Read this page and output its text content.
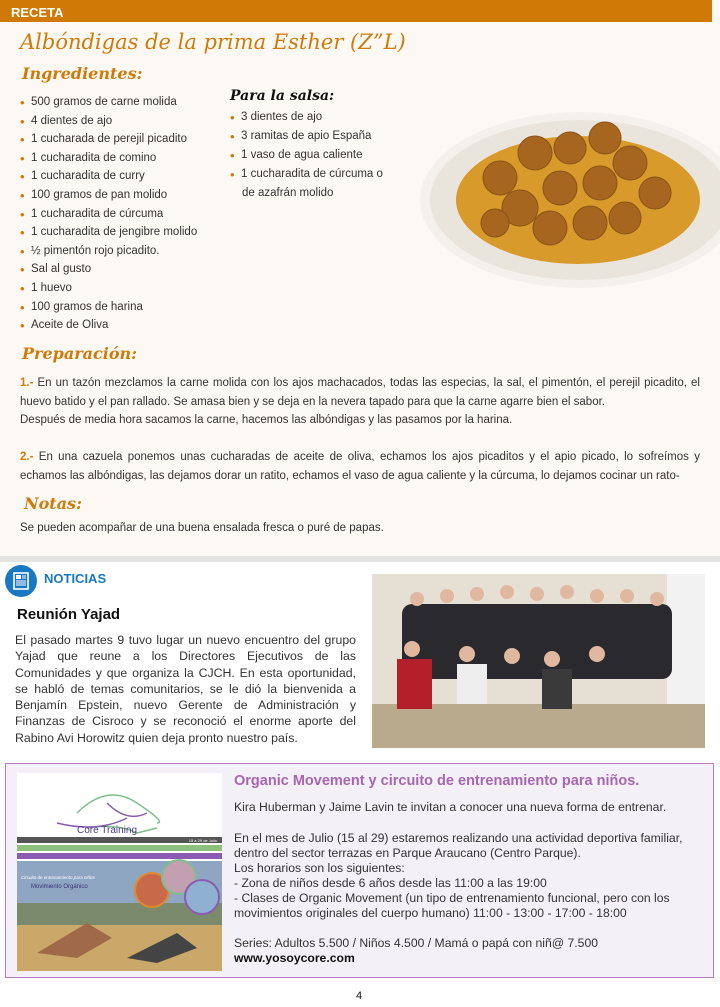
RECETA
Albóndigas de la prima Esther (Z”L)
Ingredientes:
• 500 gramos de carne molida
• 4 dientes de ajo
• 1 cucharada de perejil picadito
• 1 cucharadita de comino
• 1 cucharadita de curry
• 100 gramos de pan molido
• 1 cucharadita de cúrcuma
• 1 cucharadita de jengibre molido
• ½ pimentón rojo picadito.
• Sal al gusto
• 1 huevo
• 100 gramos de harina
• Aceite de Oliva
Para la salsa:
• 3 dientes de ajo
• 3 ramitas de apio España
• 1 vaso de agua caliente
• 1 cucharadita de cúrcuma o
de azafrán molido
Preparación:
1.- En un tazón mezclamos la carne molida con los ajos machacados, todas las especias, la sal, el pimentón, el perejil picadito, el huevo batido y el pan rallado. Se amasa bien y se deja en la nevera tapado para que la carne agarre bien el sabor.
Después de media hora sacamos la carne, hacemos las albóndigas y las pasamos por la harina.
2.- En una cazuela ponemos unas cucharadas de aceite de oliva, echamos los ajos picaditos y el apio picado, lo sofreímos y echamos las albóndigas, las dejamos dorar un ratito, echamos el vaso de agua caliente y la cúrcuma, lo dejamos cocinar un rato-
Notas:
Se pueden acompañar de una buena ensalada fresca o puré de papas.
NOTICIAS
Reunión Yajad
El pasado martes 9 tuvo lugar un nuevo encuentro del grupo Yajad que reune a los Directores Ejecutivos de las Comunidades y que organiza la CJCH. En esta oportunidad, se habló de temas comunitarios, se le dió la bienvenida a Benjamín Epstein, nuevo Gerente de Administración y Finanzas de Cisroco y se reconoció el enorme aporte del Rabino Avi Horowitz quien deja pronto nuestro país.
Core Training
15 a 29 de Julio
Circuito de entrenamiento para niños
Movimiento Orgánico
Organic Movement y circuito de entrenamiento para niños.
Kira Huberman y Jaime Lavin te invitan a conocer una nueva forma de entrenar.
En el mes de Julio (15 al 29) estaremos realizando una actividad deportiva familiar,
dentro del sector terrazas en Parque Araucano (Centro Parque).
Los horarios son los siguientes:
- Zona de niños desde 6 años desde las 11:00 a las 19:00
- Clases de Organic Movement (un tipo de entrenamiento funcional, pero con los
movimientos originales del cuerpo humano) 11:00 - 13:00 - 17:00 - 18:00
Series: Adultos 5.500 / Niños 4.500 / Mamá o papá con niñ@ 7.500
www.yosoycore.com
4
